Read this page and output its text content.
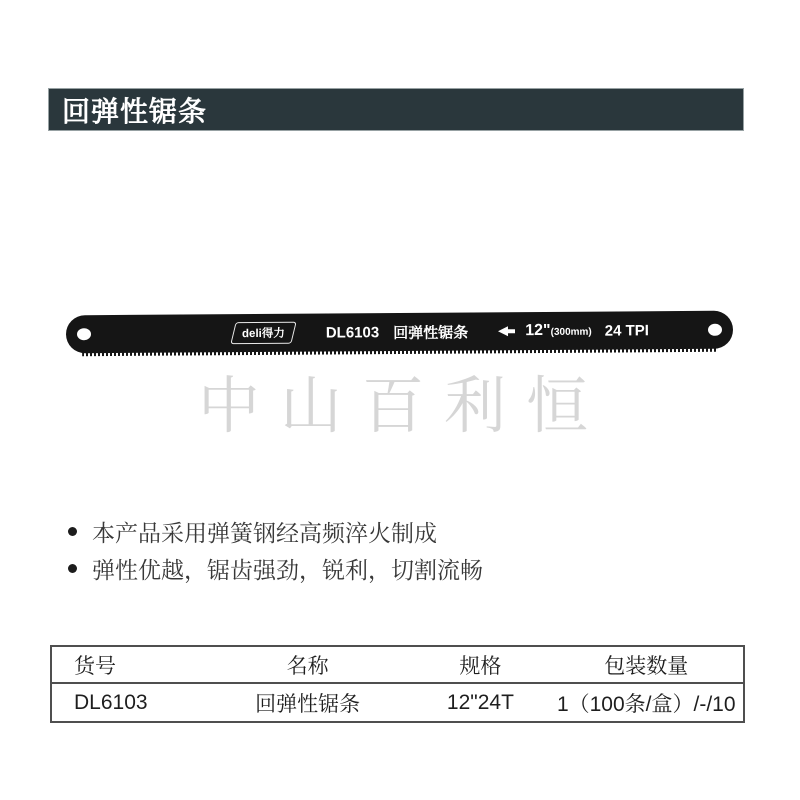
回弹性锯条
deli得力	DL6103 回弹性锯条	12"(300mm) 24 TPI
中山百利恒
本产品采用弹簧钢经高频淬火制成
弹性优越，锯齿强劲，锐利，切割流畅
货号	名称	规格	包装数量
DL6103	回弹性锯条	12"24T	1（100条/盒）/-/10
